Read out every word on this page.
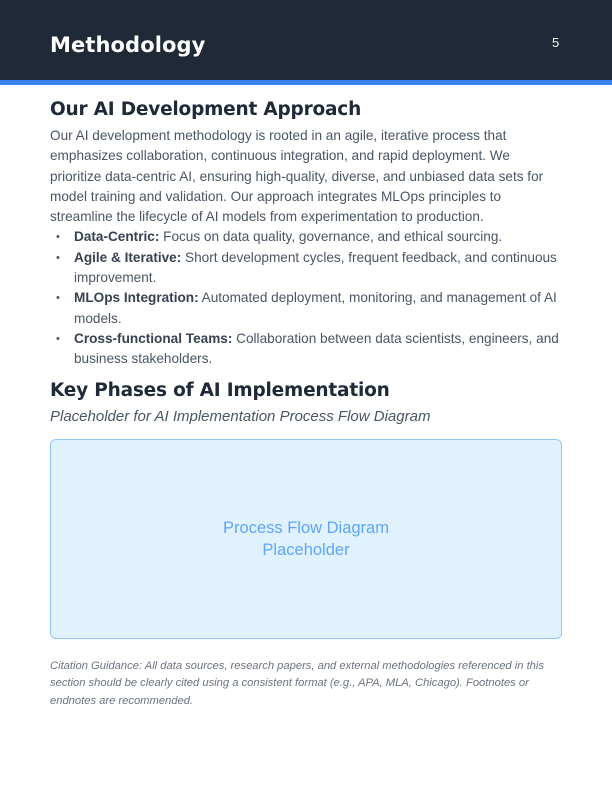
Methodology	5
Our AI Development Approach

Our AI development methodology is rooted in an agile, iterative process that emphasizes collaboration, continuous integration, and rapid deployment. We prioritize data-centric AI, ensuring high-quality, diverse, and unbiased data sets for model training and validation. Our approach integrates MLOps principles to streamline the lifecycle of AI models from experimentation to production.

• Data-Centric: Focus on data quality, governance, and ethical sourcing.
• Agile & Iterative: Short development cycles, frequent feedback, and continuous improvement.
• MLOps Integration: Automated deployment, monitoring, and management of AI models.
• Cross-functional Teams: Collaboration between data scientists, engineers, and business stakeholders.
Key Phases of AI Implementation

Placeholder for AI Implementation Process Flow Diagram

Process Flow Diagram Placeholder

Citation Guidance: All data sources, research papers, and external methodologies referenced in this section should be clearly cited using a consistent format (e.g., APA, MLA, Chicago). Footnotes or endnotes are recommended.
